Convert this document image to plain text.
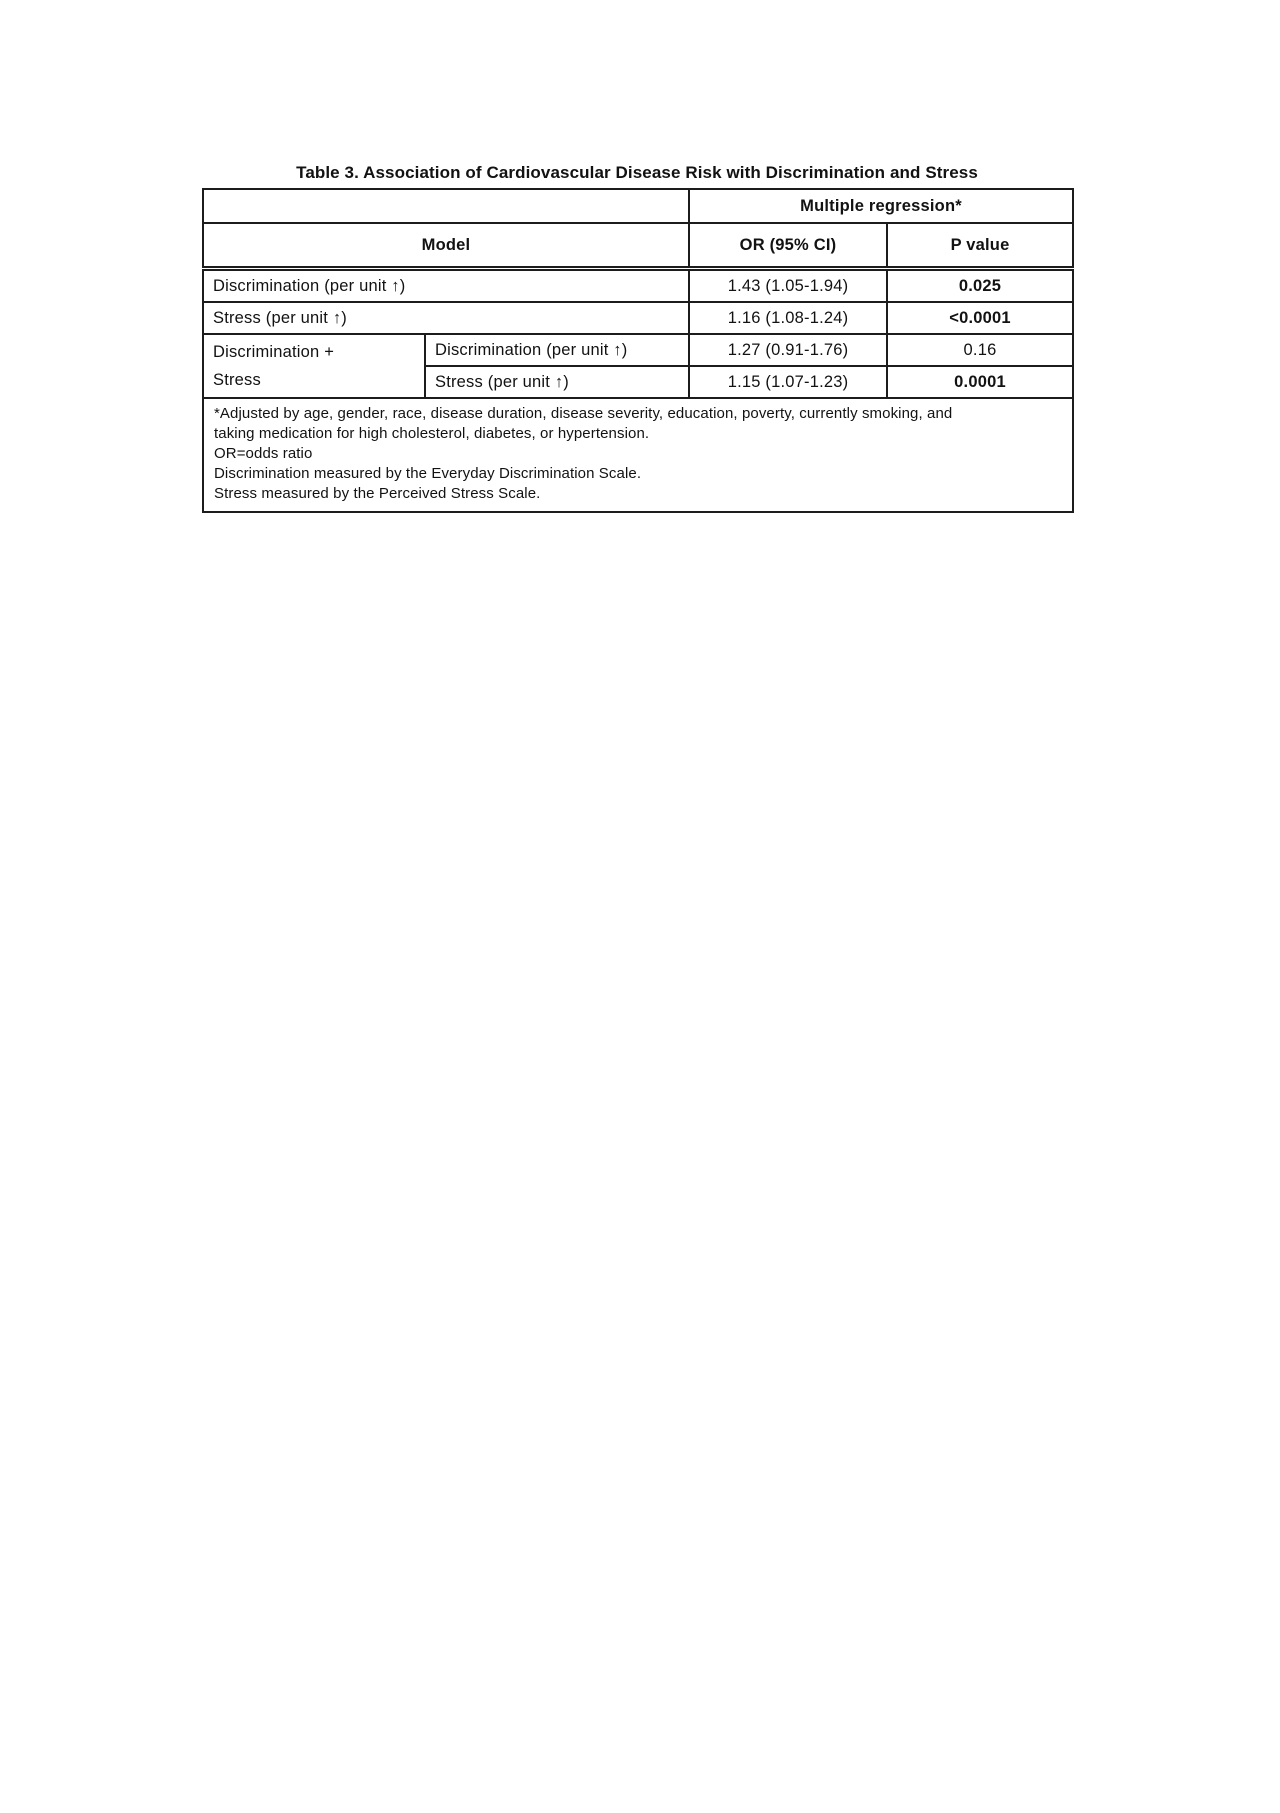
Table 3. Association of Cardiovascular Disease Risk with Discrimination and Stress
		Multiple regression*	
Model		OR (95% CI)	P value
Discrimination (per unit ↑)		1.43 (1.05-1.94)	0.025
Stress (per unit ↑)		1.16 (1.08-1.24)	<0.0001

Discrimination +
Stress	Discrimination (per unit ↑)	1.27 (0.91-1.76)	0.16
	Stress (per unit ↑)	1.15 (1.07-1.23)	0.0001

*Adjusted by age, gender, race, disease duration, disease severity, education, poverty, currently smoking, and
taking medication for high cholesterol, diabetes, or hypertension.
OR=odds ratio
Discrimination measured by the Everyday Discrimination Scale.
Stress measured by the Perceived Stress Scale.			
